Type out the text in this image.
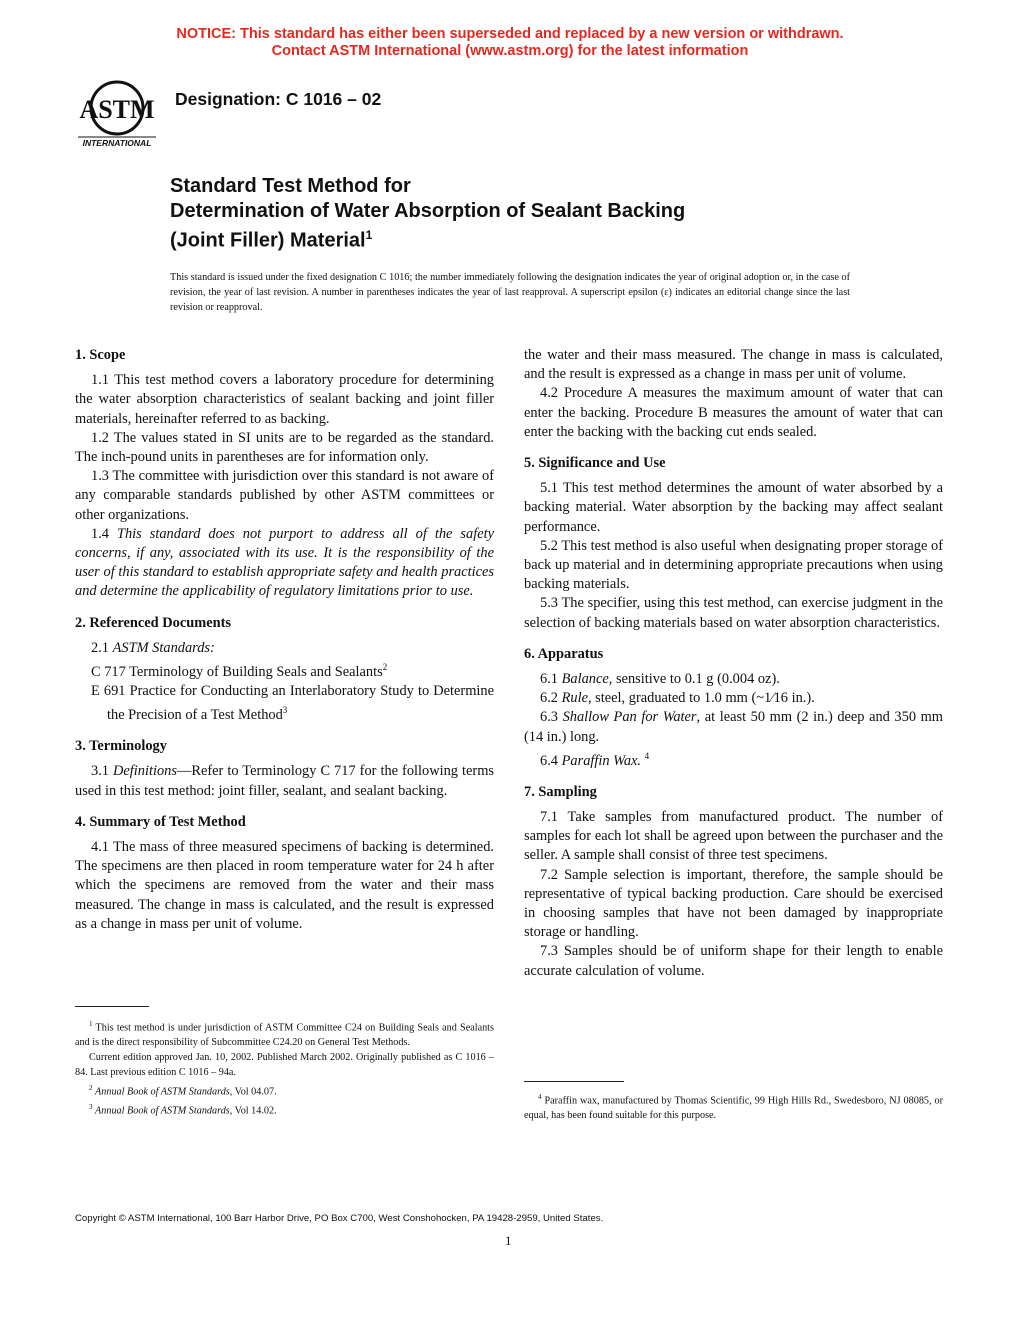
NOTICE: This standard has either been superseded and replaced by a new version or withdrawn.
Contact ASTM International (www.astm.org) for the latest information
ASTM
INTERNATIONAL
Designation: C 1016 – 02
Standard Test Method for
Determination of Water Absorption of Sealant Backing
(Joint Filler) Material$^1$
This standard is issued under the fixed designation C 1016; the number immediately following the designation indicates the year of original adoption or, in the case of revision, the year of last revision. A number in parentheses indicates the year of last reapproval. A superscript epsilon (ε) indicates an editorial change since the last revision or reapproval.
1. Scope

1.1 This test method covers a laboratory procedure for determining the water absorption characteristics of sealant backing and joint filler materials, hereinafter referred to as backing.

1.2 The values stated in SI units are to be regarded as the standard. The inch-pound units in parentheses are for information only.

1.3 The committee with jurisdiction over this standard is not aware of any comparable standards published by other ASTM committees or other organizations.

1.4 This standard does not purport to address all of the safety concerns, if any, associated with its use. It is the responsibility of the user of this standard to establish appropriate safety and health practices and determine the applicability of regulatory limitations prior to use.

2. Referenced Documents

2.1 ASTM Standards:

C 717 Terminology of Building Seals and Sealants$^2$

E 691 Practice for Conducting an Interlaboratory Study to Determine the Precision of a Test Method$^3$

3. Terminology

3.1 Definitions—Refer to Terminology C 717 for the following terms used in this test method: joint filler, sealant, and sealant backing.

4. Summary of Test Method

4.1 The mass of three measured specimens of backing is determined. The specimens are then placed in room temperature water for 24 h after which the specimens are removed from the water and their mass measured. The change in mass is calculated, and the result is expressed as a change in mass per unit of volume.

the water and their mass measured. The change in mass is calculated, and the result is expressed as a change in mass per unit of volume.

4.2 Procedure A measures the maximum amount of water that can enter the backing. Procedure B measures the amount of water that can enter the backing with the backing cut ends sealed.

5. Significance and Use

5.1 This test method determines the amount of water absorbed by a backing material. Water absorption by the backing may affect sealant performance.

5.2 This test method is also useful when designating proper storage of back up material and in determining appropriate precautions when using backing materials.

5.3 The specifier, using this test method, can exercise judgment in the selection of backing materials based on water absorption characteristics.

6. Apparatus

6.1 Balance, sensitive to 0.1 g (0.004 oz).

6.2 Rule, steel, graduated to 1.0 mm (~1⁄16 in.).

6.3 Shallow Pan for Water, at least 50 mm (2 in.) deep and 350 mm (14 in.) long.

6.4 Paraffin Wax. $^4$

7. Sampling

7.1 Take samples from manufactured product. The number of samples for each lot shall be agreed upon between the purchaser and the seller. A sample shall consist of three test specimens.

7.2 Sample selection is important, therefore, the sample should be representative of typical backing production. Care should be exercised in choosing samples that have not been damaged by inappropriate storage or handling.

7.3 Samples should be of uniform shape for their length to enable accurate calculation of volume.

$^1$ This test method is under jurisdiction of ASTM Committee C24 on Building Seals and Sealants and is the direct responsibility of Subcommittee C24.20 on General Test Methods.

Current edition approved Jan. 10, 2002. Published March 2002. Originally published as C 1016 – 84. Last previous edition C 1016 – 94a.

$^2$ Annual Book of ASTM Standards, Vol 04.07.

$^3$ Annual Book of ASTM Standards, Vol 14.02.

$^4$ Paraffin wax, manufactured by Thomas Scientific, 99 High Hills Rd., Swedesboro, NJ 08085, or equal, has been found suitable for this purpose.

Copyright © ASTM International, 100 Barr Harbor Drive, PO Box C700, West Conshohocken, PA 19428-2959, United States.
1
